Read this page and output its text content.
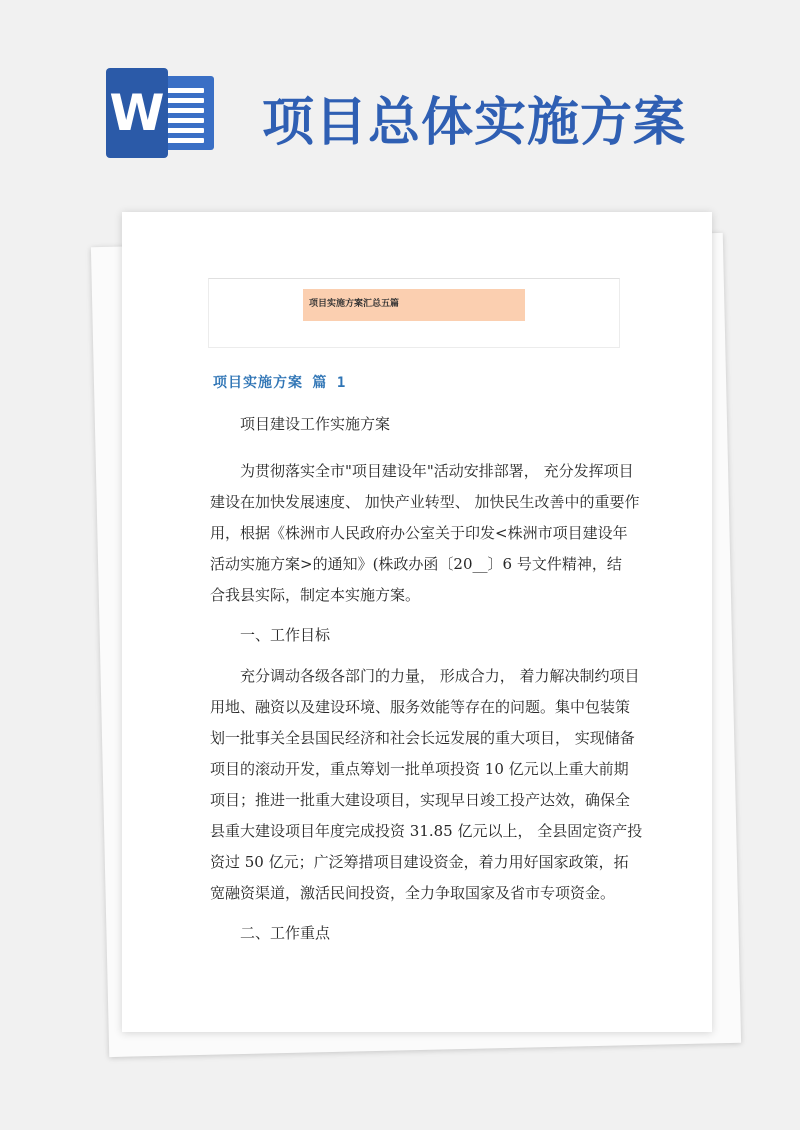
W 项目总体实施方案
项目实施方案汇总五篇
项目实施方案 篇 1
项目建设工作实施方案
为贯彻落实全市"项目建设年"活动安排部署， 充分发挥项目
建设在加快发展速度、 加快产业转型、 加快民生改善中的重要作
用，根据《株洲市人民政府办公室关于印发<株洲市项目建设年
活动实施方案>的通知》(株政办函〔20__〕6 号文件精神，结
合我县实际，制定本实施方案。
一、工作目标
充分调动各级各部门的力量， 形成合力， 着力解决制约项目
用地、融资以及建设环境、服务效能等存在的问题。集中包装策
划一批事关全县国民经济和社会长远发展的重大项目， 实现储备
项目的滚动开发，重点筹划一批单项投资 10 亿元以上重大前期
项目；推进一批重大建设项目，实现早日竣工投产达效，确保全
县重大建设项目年度完成投资 31.85 亿元以上， 全县固定资产投
资过 50 亿元；广泛筹措项目建设资金，着力用好国家政策，拓
宽融资渠道，激活民间投资，全力争取国家及省市专项资金。
二、工作重点
